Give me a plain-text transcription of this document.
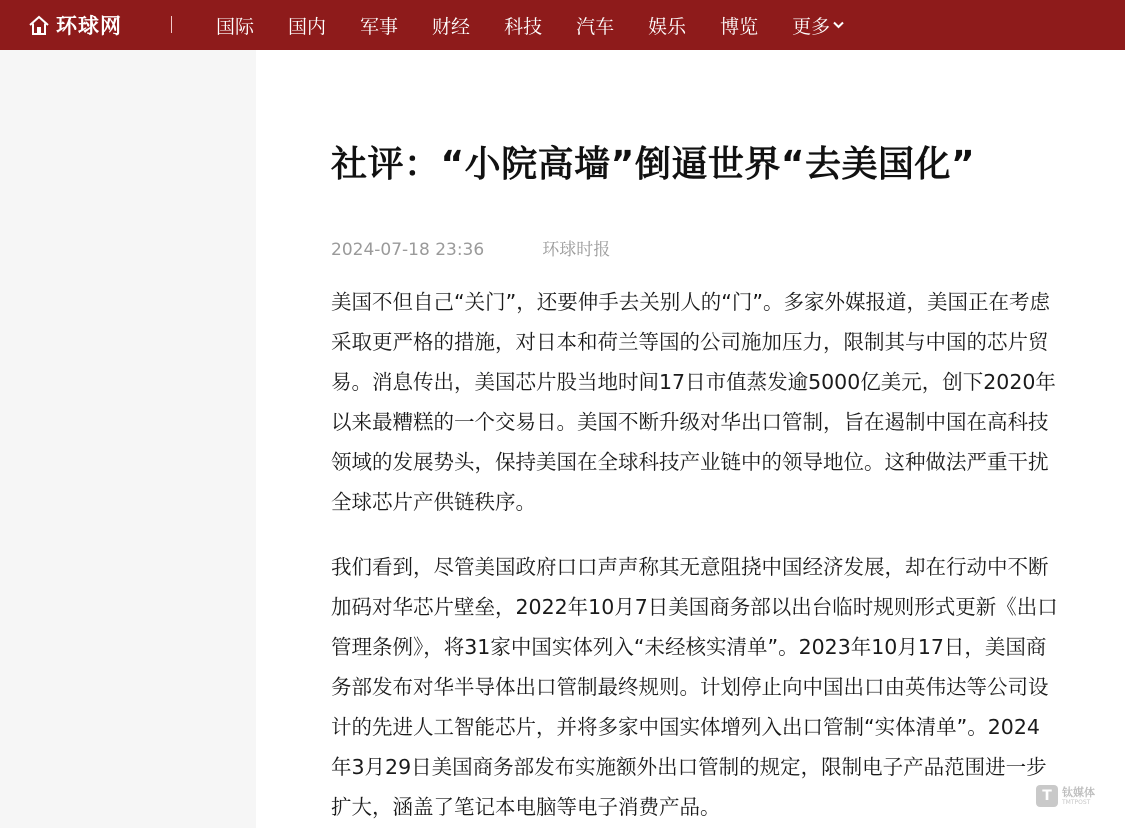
环球网	国际 国内 军事 财经 科技 汽车 娱乐 博览 更多
社评：“小院高墙”倒逼世界“去美国化”
2024-07-18 23:36	环球时报

美国不但自己“关门”，还要伸手去关别人的“门”。多家外媒报道，美国正在考虑采取更严格的措施，对日本和荷兰等国的公司施加压力，限制其与中国的芯片贸易。消息传出，美国芯片股当地时间17日市值蒸发逾5000亿美元，创下2020年以来最糟糕的一个交易日。美国不断升级对华出口管制，旨在遏制中国在高科技领域的发展势头，保持美国在全球科技产业链中的领导地位。这种做法严重干扰全球芯片产供链秩序。

我们看到，尽管美国政府口口声声称其无意阻挠中国经济发展，却在行动中不断加码对华芯片壁垒，2022年10月7日美国商务部以出台临时规则形式更新《出口管理条例》，将31家中国实体列入“未经核实清单”。2023年10月17日，美国商务部发布对华半导体出口管制最终规则。计划停止向中国出口由英伟达等公司设计的先进人工智能芯片，并将多家中国实体增列入出口管制“实体清单”。2024年3月29日美国商务部发布实施额外出口管制的规定，限制电子产品范围进一步扩大，涵盖了笔记本电脑等电子消费产品。	T 钛媒体
TMTPOST
